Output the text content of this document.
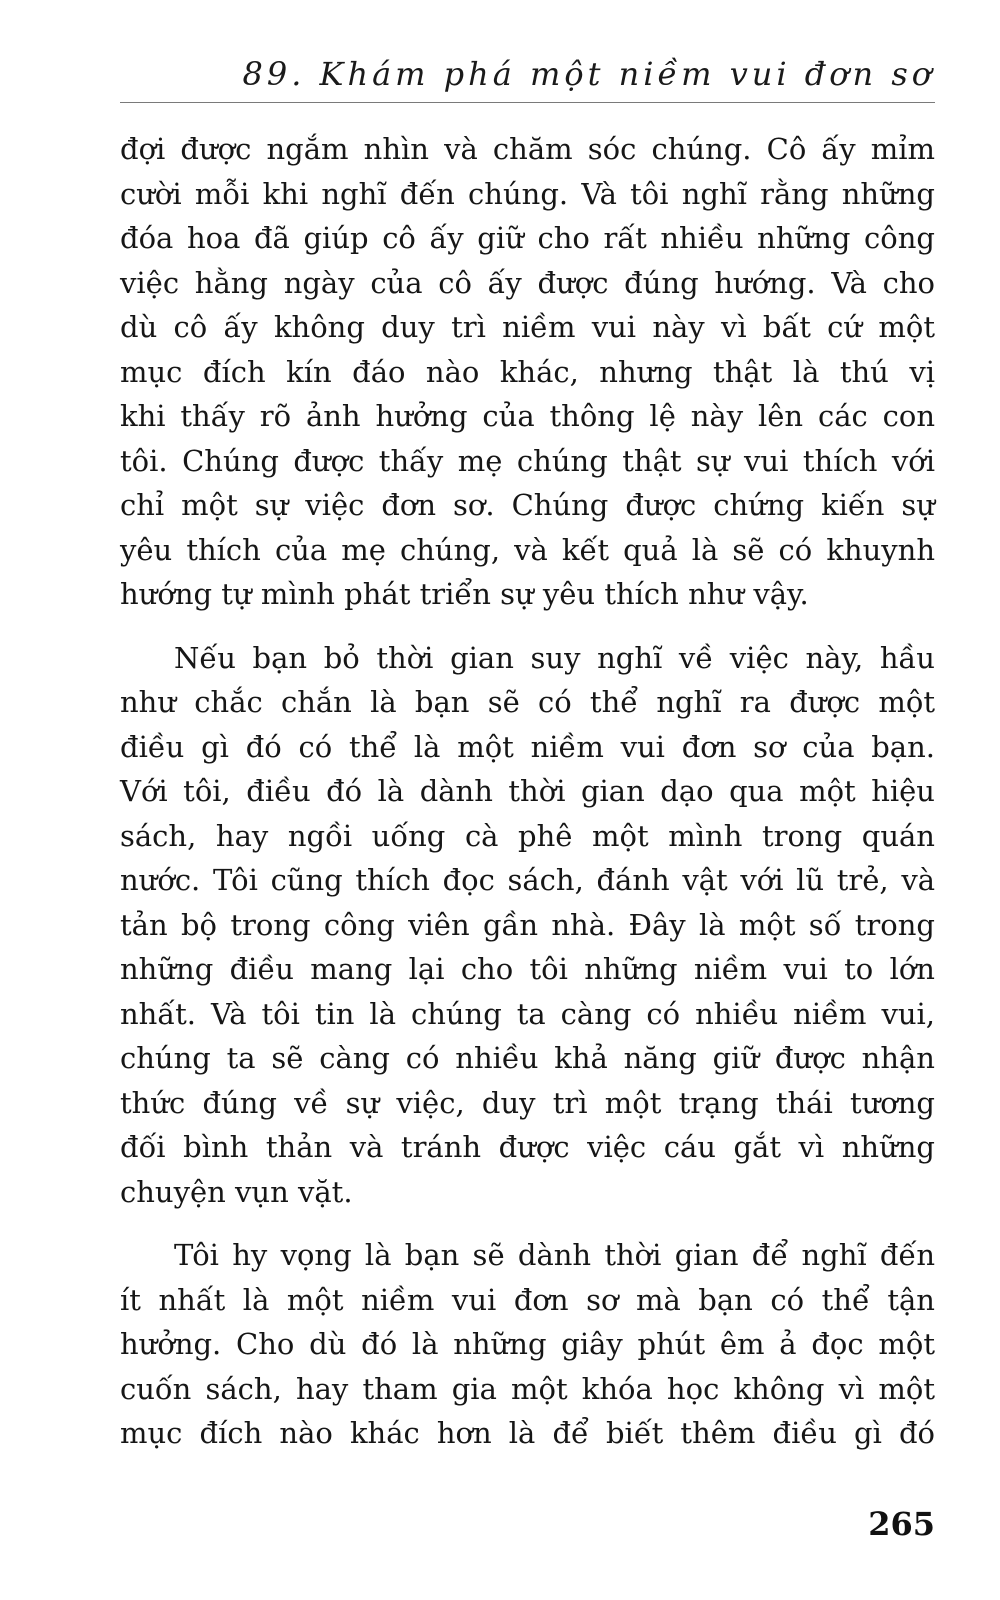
89. Khám phá một niềm vui đơn sơ
đợi được ngắm nhìn và chăm sóc chúng. Cô ấy mỉm
cười mỗi khi nghĩ đến chúng. Và tôi nghĩ rằng những
đóa hoa đã giúp cô ấy giữ cho rất nhiều những công
việc hằng ngày của cô ấy được đúng hướng. Và cho
dù cô ấy không duy trì niềm vui này vì bất cứ một
mục đích kín đáo nào khác, nhưng thật là thú vị
khi thấy rõ ảnh hưởng của thông lệ này lên các con
tôi. Chúng được thấy mẹ chúng thật sự vui thích với
chỉ một sự việc đơn sơ. Chúng được chứng kiến sự
yêu thích của mẹ chúng, và kết quả là sẽ có khuynh
hướng tự mình phát triển sự yêu thích như vậy.
Nếu bạn bỏ thời gian suy nghĩ về việc này, hầu
như chắc chắn là bạn sẽ có thể nghĩ ra được một
điều gì đó có thể là một niềm vui đơn sơ của bạn.
Với tôi, điều đó là dành thời gian dạo qua một hiệu
sách, hay ngồi uống cà phê một mình trong quán
nước. Tôi cũng thích đọc sách, đánh vật với lũ trẻ, và
tản bộ trong công viên gần nhà. Đây là một số trong
những điều mang lại cho tôi những niềm vui to lớn
nhất. Và tôi tin là chúng ta càng có nhiều niềm vui,
chúng ta sẽ càng có nhiều khả năng giữ được nhận
thức đúng về sự việc, duy trì một trạng thái tương
đối bình thản và tránh được việc cáu gắt vì những
chuyện vụn vặt.
Tôi hy vọng là bạn sẽ dành thời gian để nghĩ đến
ít nhất là một niềm vui đơn sơ mà bạn có thể tận
hưởng. Cho dù đó là những giây phút êm ả đọc một
cuốn sách, hay tham gia một khóa học không vì một
mục đích nào khác hơn là để biết thêm điều gì đó
265
